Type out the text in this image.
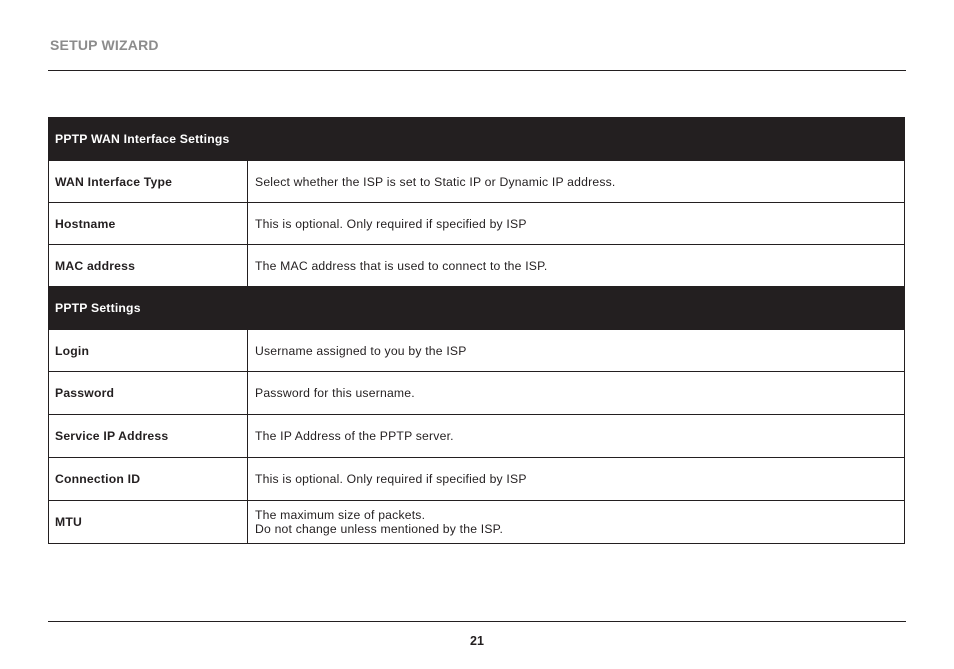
SETUP WIZARD
PPTP WAN Interface Settings	
WAN Interface Type	Select whether the ISP is set to Static IP or Dynamic IP address.
Hostname	This is optional. Only required if specified by ISP
MAC address	The MAC address that is used to connect to the ISP.
PPTP Settings	
Login	Username assigned to you by the ISP
Password	Password for this username.
Service IP Address	The IP Address of the PPTP server.
Connection ID	This is optional. Only required if specified by ISP
MTU	The maximum size of packets.
Do not change unless mentioned by the ISP.
21
